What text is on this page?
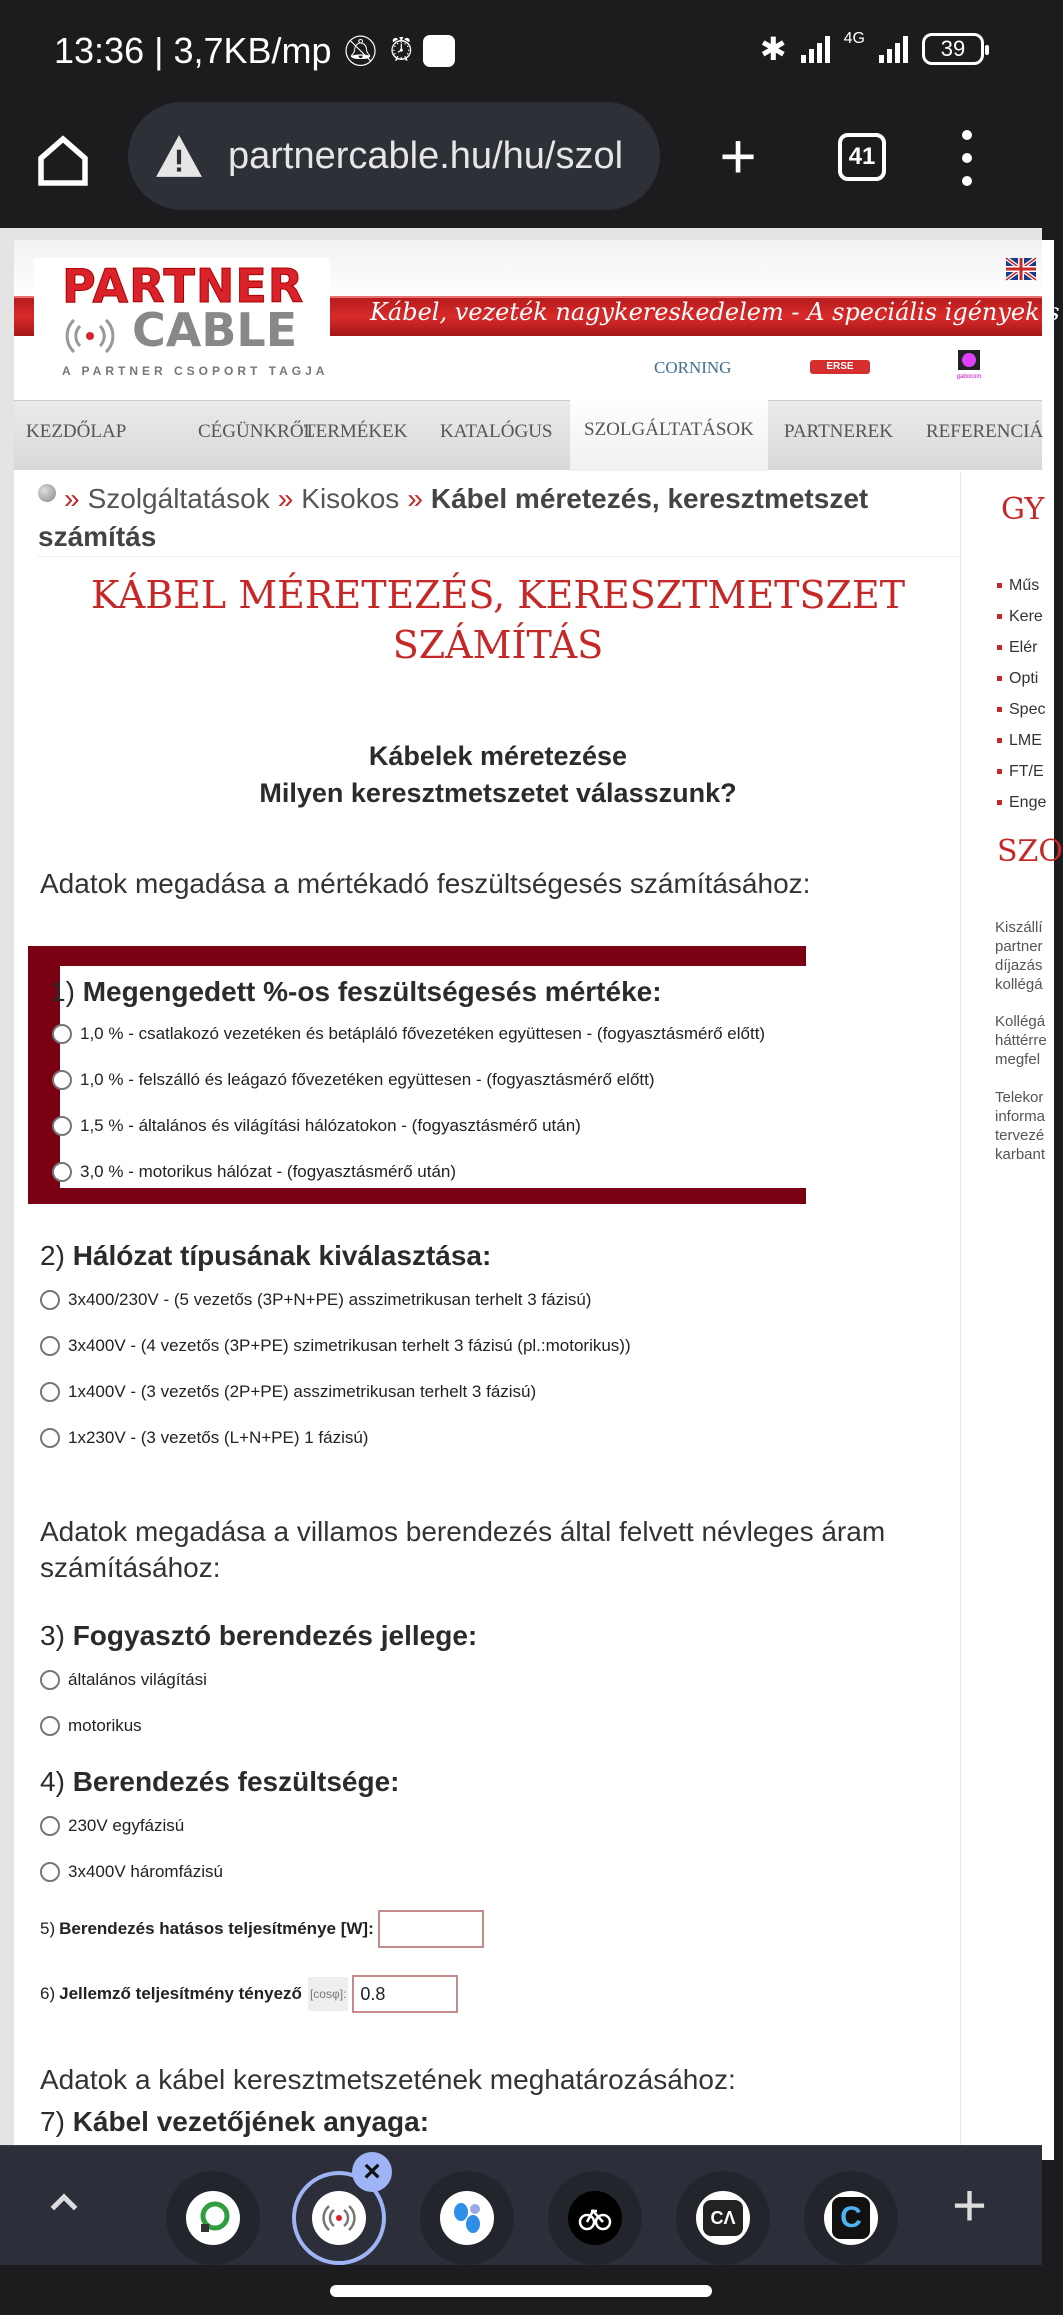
13:36 | 3,7KB/mp 🔕︎ ⏰︎	✱	4G	39
partnercable.hu/hu/szol +	41
Kábel, vezeték nagykereskedelem - A speciális igények s
PARTNER
CABLE
A PARTNER CSOPORT TAGJA	CORNING	ERSE
gabocom
KEZDŐLAP	CÉGÜNKRŐL
TERMÉKEK KATALÓGUS	SZOLGÁLTATÁSOK	PARTNEREK REFERENCIÁ
» Szolgáltatások » Kisokos » Kábel méretezés, keresztmetszet számítás
KÁBEL MÉRETEZÉS, KERESZTMETSZET
SZÁMÍTÁS
Kábelek méretezése
Milyen keresztmetszetet válasszunk?
Adatok megadása a mértékadó feszültségesés számításához:
1) Megengedett %-os feszültségesés mértéke:
1,0 % - csatlakozó vezetéken és betápláló fővezetéken együttesen - (fogyasztásmérő előtt)
1,0 % - felszálló és leágazó fővezetéken együttesen - (fogyasztásmérő előtt)
1,5 % - általános és világítási hálózatokon - (fogyasztásmérő után)
3,0 % - motorikus hálózat - (fogyasztásmérő után)
2) Hálózat típusának kiválasztása:
3x400/230V - (5 vezetős (3P+N+PE) asszimetrikusan terhelt 3 fázisú)
3x400V - (4 vezetős (3P+PE) szimetrikusan terhelt 3 fázisú (pl.:motorikus))
1x400V - (3 vezetős (2P+PE) asszimetrikusan terhelt 3 fázisú)
1x230V - (3 vezetős (L+N+PE) 1 fázisú)
Adatok megadása a villamos berendezés által felvett névleges áram
számításához:
3) Fogyasztó berendezés jellege:
általános világítási
motorikus
4) Berendezés feszültsége:
230V egyfázisú
3x400V háromfázisú
5) Berendezés hatásos teljesítménye [W]:
6) Jellemző teljesítmény tényező [cosφ]:
0.8
Adatok a kábel keresztmetszetének meghatározásához:
7) Kábel vezetőjének anyaga:
GY
Műs
Kere
Elér
Opti
Spec
LME
FT/E
Enge
SZO
Kiszállí
partner
díjazás
kollégá
Kollégá
háttérre
megfel
Telekor
informa
tervezé
karbant
×
CΛ	C +
